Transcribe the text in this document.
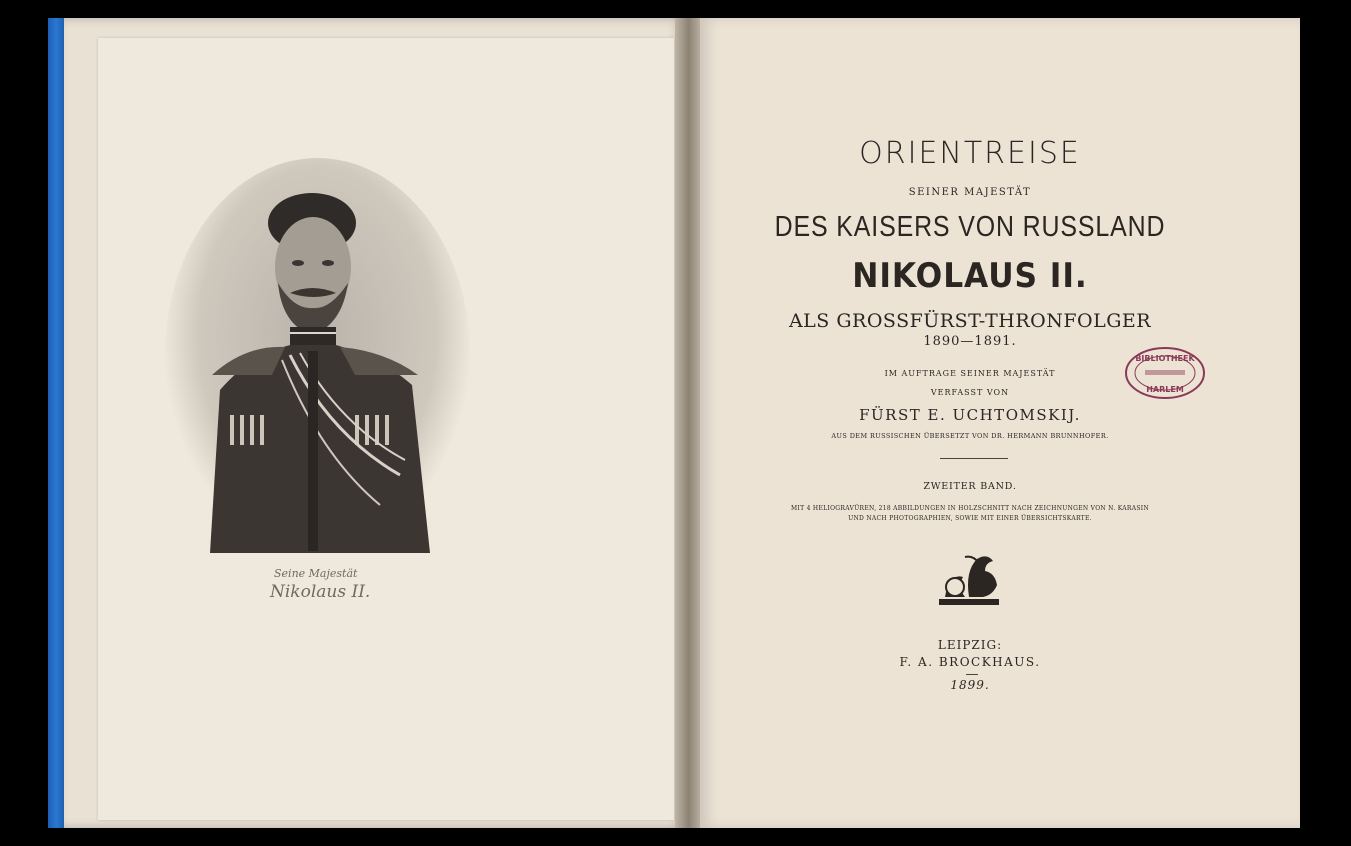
Seine Majestät
Nikolaus II.
ORIENTREISE
SEINER MAJESTÄT
DES KAISERS VON RUSSLAND
NIKOLAUS II.
ALS GROSSFÜRST-THRONFOLGER
1890—1891.
IM AUFTRAGE SEINER MAJESTÄT
VERFASST VON
FÜRST E. UCHTOMSKIJ.
AUS DEM RUSSISCHEN ÜBERSETZT VON DR. HERMANN BRUNNHOFER.
ZWEITER BAND.
MIT 4 HELIOGRAVÜREN, 218 ABBILDUNGEN IN HOLZSCHNITT NACH ZEICHNUNGEN VON N. KARASIN
UND NACH PHOTOGRAPHIEN, SOWIE MIT EINER ÜBERSICHTSKARTE.
LEIPZIG:
F. A. BROCKHAUS.
1899.
BIBLIOTHEEK
HARLEM
